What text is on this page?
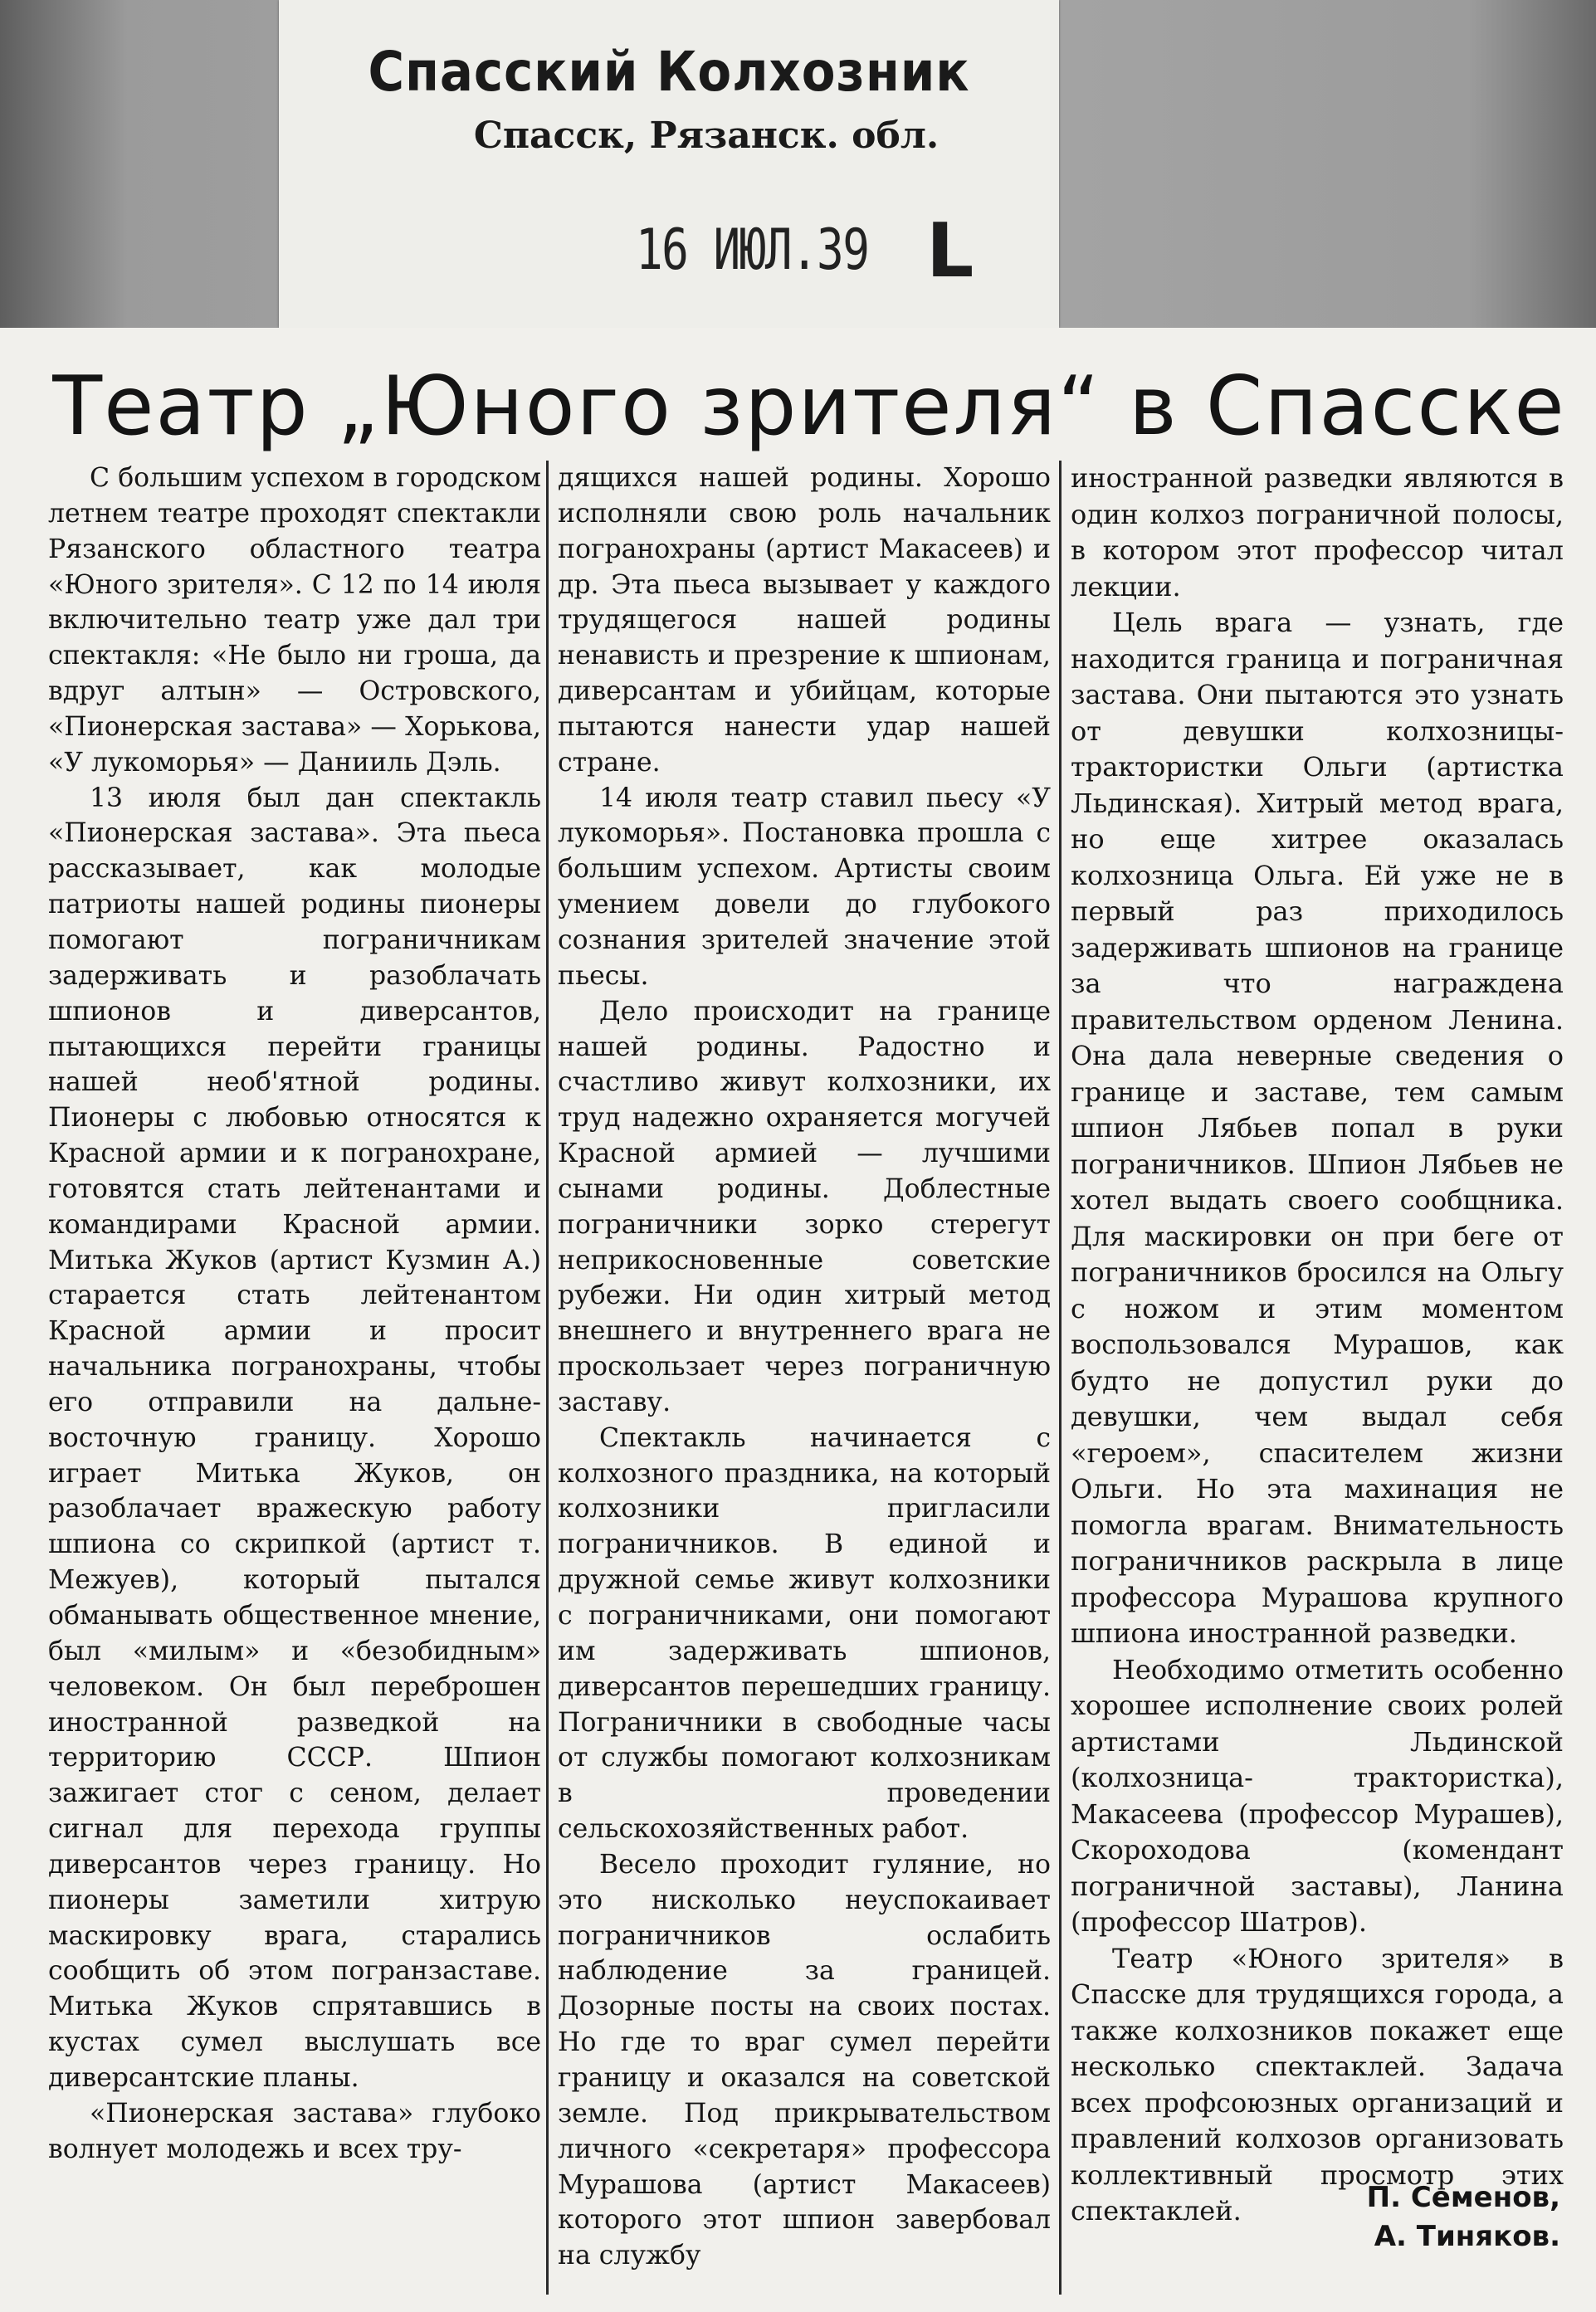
Спасский Колхозник
Спасск, Рязанск. обл.
16 ИЮЛ.39 L
Театр „Юного зрителя“ в Спасске

С большим успехом в городском летнем театре проходят спектакли Рязанского областного театра «Юного зрителя». С 12 по 14 июля включительно театр уже дал три спектакля: «Не было ни гроша, да вдруг алтын» — Островского, «Пионерская застава» — Хорькова, «У лукоморья» — Данииль Дэль.

13 июля был дан спектакль «Пионерская застава». Эта пьеса рассказывает, как молодые патриоты нашей родины пионеры помогают пограничникам задерживать и разоблачать шпионов и диверсантов, пытающихся перейти границы нашей необ'ятной родины. Пионеры с любовью относятся к Красной армии и к погранохране, готовятся стать лейтенантами и командирами Красной армии. Митька Жуков (артист Кузмин А.) старается стать лейтенантом Красной армии и просит начальника погранохраны, чтобы его отправили на дальне-восточную границу. Хорошо играет Митька Жуков, он разоблачает вражескую работу шпиона со скрипкой (артист т. Межуев), который пытался обманывать общественное мнение, был «милым» и «безобидным» человеком. Он был переброшен иностранной разведкой на территорию СССР. Шпион зажигает стог с сеном, делает сигнал для перехода группы диверсантов через границу. Но пионеры заметили хитрую маскировку врага, старались сообщить об этом погранзаставе. Митька Жуков спрятавшись в кустах сумел выслушать все диверсантские планы.

«Пионерская застава» глубоко волнует молодежь и всех тру-

дящихся нашей родины. Хорошо исполняли свою роль начальник погранохраны (артист Макасеев) и др. Эта пьеса вызывает у каждого трудящегося нашей родины ненависть и презрение к шпионам, диверсантам и убийцам, которые пытаются нанести удар нашей стране.

14 июля театр ставил пьесу «У лукоморья». Постановка прошла с большим успехом. Артисты своим умением довели до глубокого сознания зрителей значение этой пьесы.

Дело происходит на границе нашей родины. Радостно и счастливо живут колхозники, их труд надежно охраняется могучей Красной армией — лучшими сынами родины. Доблестные пограничники зорко стерегут неприкосновенные советские рубежи. Ни один хитрый метод внешнего и внутреннего врага не проскользает через пограничную заставу.

Спектакль начинается с колхозного праздника, на который колхозники пригласили пограничников. В единой и дружной семье живут колхозники с пограничниками, они помогают им задерживать шпионов, диверсантов перешедших границу. Пограничники в свободные часы от службы помогают колхозникам в проведении сельскохозяйственных работ.

Весело проходит гуляние, но это нисколько неуспокаивает пограничников ослабить наблюдение за границей. Дозорные посты на своих постах. Но где то враг сумел перейти границу и оказался на советской земле. Под прикрывательством личного «секретаря» профессора Мурашова (артист Макасеев) которого этот шпион завербовал на службу

иностранной разведки являются в один колхоз пограничной полосы, в котором этот профессор читал лекции.

Цель врага — узнать, где находится граница и пограничная застава. Они пытаются это узнать от девушки колхозницы-трактористки Ольги (артистка Льдинская). Хитрый метод врага, но еще хитрее оказалась колхозница Ольга. Ей уже не в первый раз приходилось задерживать шпионов на границе за что награждена правительством орденом Ленина. Она дала неверные сведения о границе и заставе, тем самым шпион Лябьев попал в руки пограничников. Шпион Лябьев не хотел выдать своего сообщника. Для маскировки он при беге от пограничников бросился на Ольгу с ножом и этим моментом воспользовался Мурашов, как будто не допустил руки до девушки, чем выдал себя «героем», спасителем жизни Ольги. Но эта махинация не помогла врагам. Внимательность пограничников раскрыла в лице профессора Мурашова крупного шпиона иностранной разведки.

Необходимо отметить особенно хорошее исполнение своих ролей артистами Льдинской (колхозница- трактористка), Макасеева (профессор Мурашев), Скороходова (комендант пограничной заставы), Ланина (профессор Шатров).

Театр «Юного зрителя» в Спасске для трудящихся города, а также колхозников покажет еще несколько спектаклей. Задача всех профсоюзных организаций и правлений колхозов организовать коллективный просмотр этих спектаклей.	П. Семенов,
А. Тиняков.
